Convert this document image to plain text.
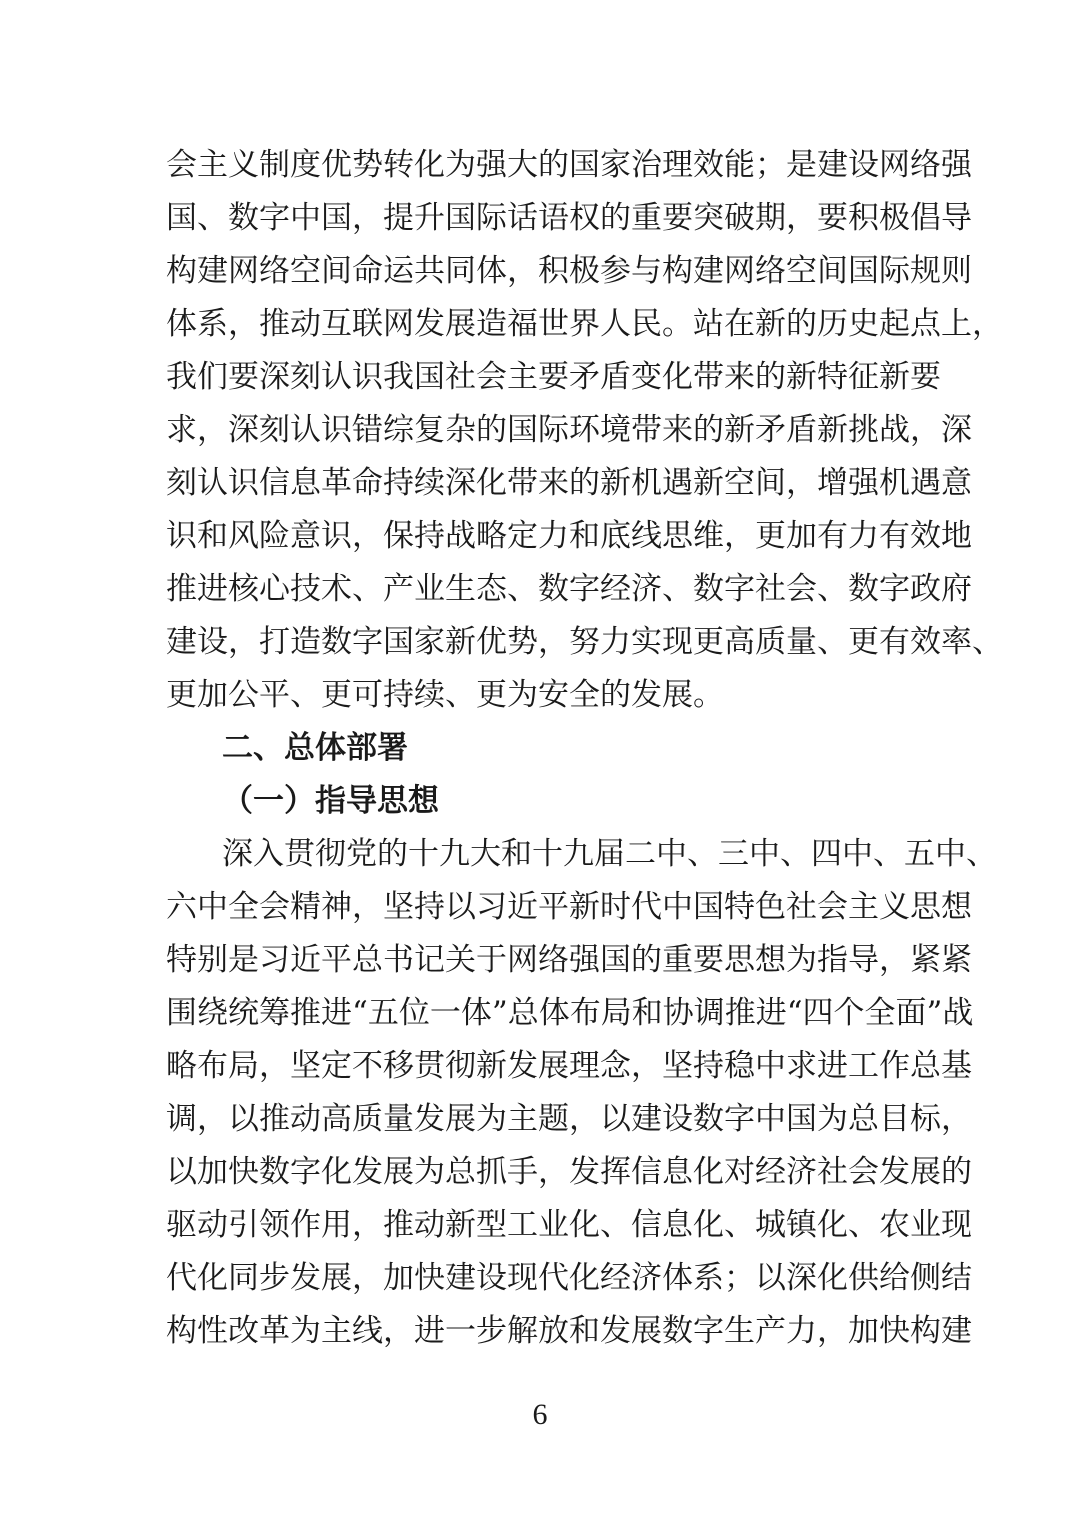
会主义制度优势转化为强大的国家治理效能；是建设网络强
国、数字中国，提升国际话语权的重要突破期，要积极倡导
构建网络空间命运共同体，积极参与构建网络空间国际规则
体系，推动互联网发展造福世界人民。站在新的历史起点上，
我们要深刻认识我国社会主要矛盾变化带来的新特征新要
求，深刻认识错综复杂的国际环境带来的新矛盾新挑战，深
刻认识信息革命持续深化带来的新机遇新空间，增强机遇意
识和风险意识，保持战略定力和底线思维，更加有力有效地
推进核心技术、产业生态、数字经济、数字社会、数字政府
建设，打造数字国家新优势，努力实现更高质量、更有效率、
更加公平、更可持续、更为安全的发展。
二、总体部署
（一）指导思想
深入贯彻党的十九大和十九届二中、三中、四中、五中、
六中全会精神，坚持以习近平新时代中国特色社会主义思想
特别是习近平总书记关于网络强国的重要思想为指导，紧紧
围绕统筹推进“五位一体”总体布局和协调推进“四个全面”战
略布局，坚定不移贯彻新发展理念，坚持稳中求进工作总基
调，以推动高质量发展为主题，以建设数字中国为总目标，
以加快数字化发展为总抓手，发挥信息化对经济社会发展的
驱动引领作用，推动新型工业化、信息化、城镇化、农业现
代化同步发展，加快建设现代化经济体系；以深化供给侧结
构性改革为主线，进一步解放和发展数字生产力，加快构建
6
